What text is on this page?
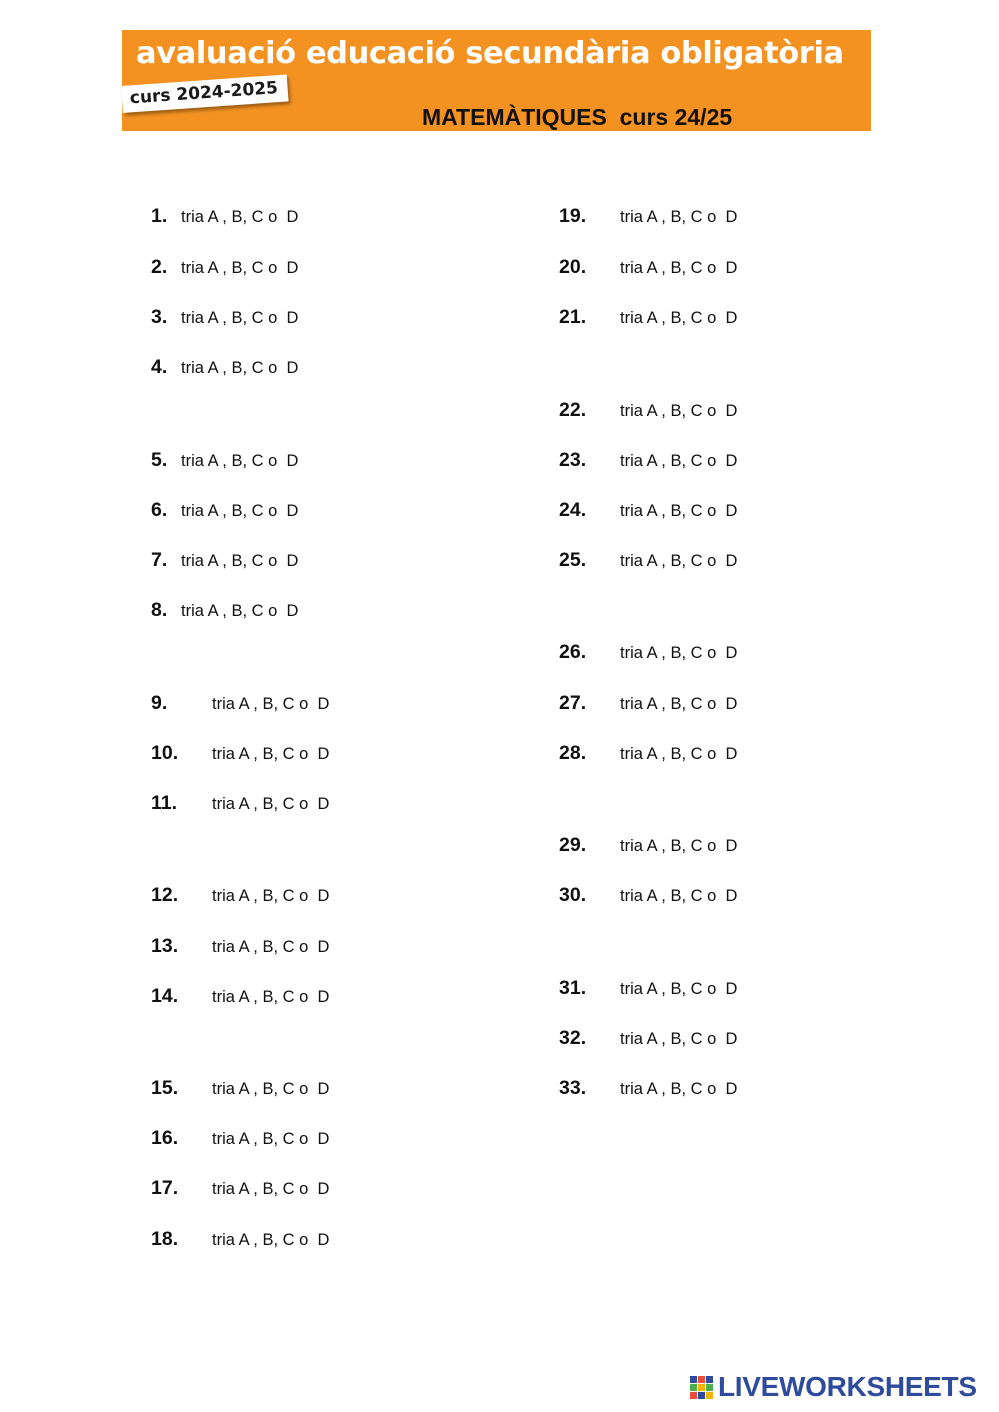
avaluació educació secundària obligatòria
curs 2024-2025
MATEMÀTIQUES  curs 24/25

1.

tria A , B, C o  D

2.

tria A , B, C o  D

3.

tria A , B, C o  D

4.

tria A , B, C o  D

5.

tria A , B, C o  D

6.

tria A , B, C o  D

7.

tria A , B, C o  D

8.

tria A , B, C o  D

9.

	tria A , B, C o  D

10.

tria A , B, C o  D

11.

tria A , B, C o  D

12.

tria A , B, C o  D

13.

tria A , B, C o  D

14.

tria A , B, C o  D

15.

tria A , B, C o  D

16.

tria A , B, C o  D

17.

tria A , B, C o  D

18.

tria A , B, C o  D

19.

tria A , B, C o  D

20.

tria A , B, C o  D

21.

tria A , B, C o  D

22.

tria A , B, C o  D

23.

tria A , B, C o  D

24.

tria A , B, C o  D

25.

tria A , B, C o  D

26.

tria A , B, C o  D

27.

tria A , B, C o  D

28.

tria A , B, C o  D

29.

tria A , B, C o  D

30.

tria A , B, C o  D

31.

tria A , B, C o  D

32.

tria A , B, C o  D

33.

tria A , B, C o  D

LIVEWORKSHEETS
